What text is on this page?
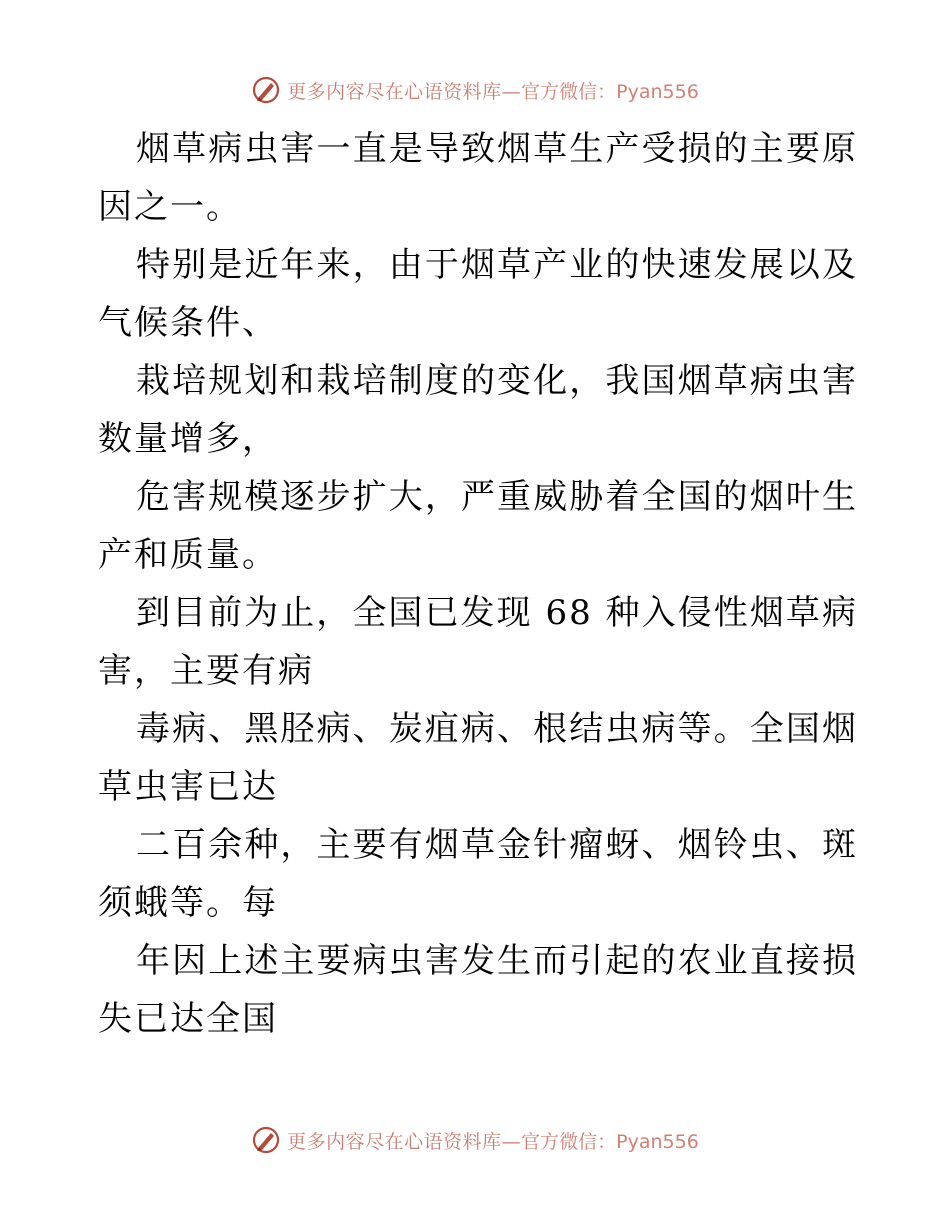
更多内容尽在心语资料库— 官方微信：Pyan556

烟草病虫害一直是导致烟草生产受损的主要原因之一。

特别是近年来，由于烟草产业的快速发展以及气候条件、

栽培规划和栽培制度的变化，我国烟草病虫害数量增多，

危害规模逐步扩大，严重威胁着全国的烟叶生产和质量。

到目前为止，全国已发现 68 种入侵性烟草病害，主要有病

毒病、黑胫病、炭疽病、根结虫病等。全国烟草虫害已达

二百余种，主要有烟草金针瘤蚜、烟铃虫、斑须蛾等。每

年因上述主要病虫害发生而引起的农业直接损失已达全国

更多内容尽在心语资料库— 官方微信：Pyan556
